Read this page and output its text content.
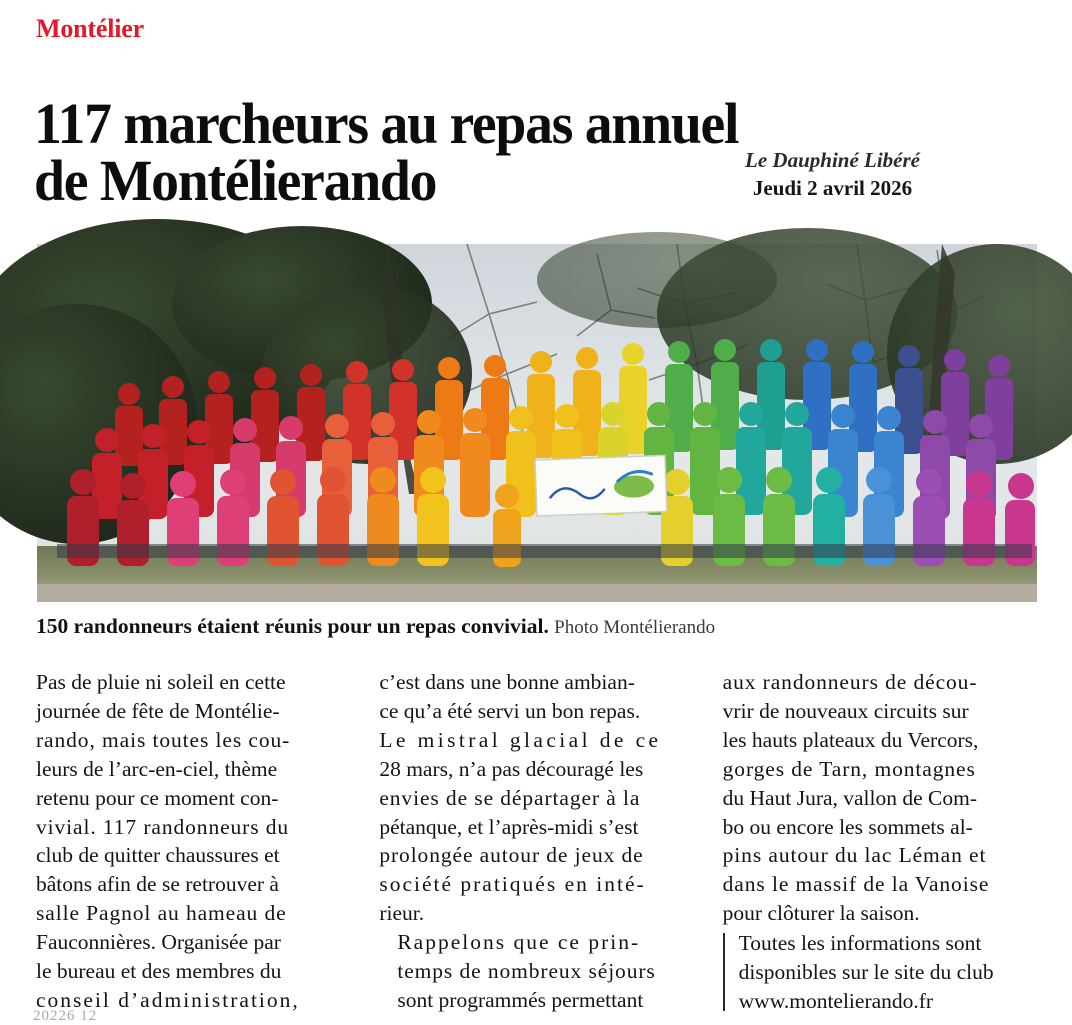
Montélier
117 marcheurs au repas annuel
de Montélierando	Le Dauphiné Libéré
Jeudi 2 avril 2026
150 randonneurs étaient réunis pour un repas convivial. Photo Montélierando

Pas de pluie ni soleil en cette
journée de fête de Montélie-
rando, mais toutes les cou-
leurs de l’arc-en-ciel, thème
retenu pour ce moment con-
vivial. 117 randonneurs du
club de quitter chaussures et
bâtons afin de se retrouver à
salle Pagnol au hameau de
Fauconnières. Organisée par
le bureau et des membres du
conseil d’administration,

c’est dans une bonne ambian-
ce qu’a été servi un bon repas.
Le mistral glacial de ce
28 mars, n’a pas découragé les
envies de se départager à la
pétanque, et l’après-midi s’est
prolongée autour de jeux de
société pratiqués en inté-
rieur.

Rappelons que ce prin-
temps de nombreux séjours
sont programmés permettant

aux randonneurs de décou-
vrir de nouveaux circuits sur
les hauts plateaux du Vercors,
gorges de Tarn, montagnes
du Haut Jura, vallon de Com-
bo ou encore les sommets al-
pins autour du lac Léman et
dans le massif de la Vanoise
pour clôturer la saison.

Toutes les informations sont
disponibles sur le site du club
www.montelierando.fr

20226 12
